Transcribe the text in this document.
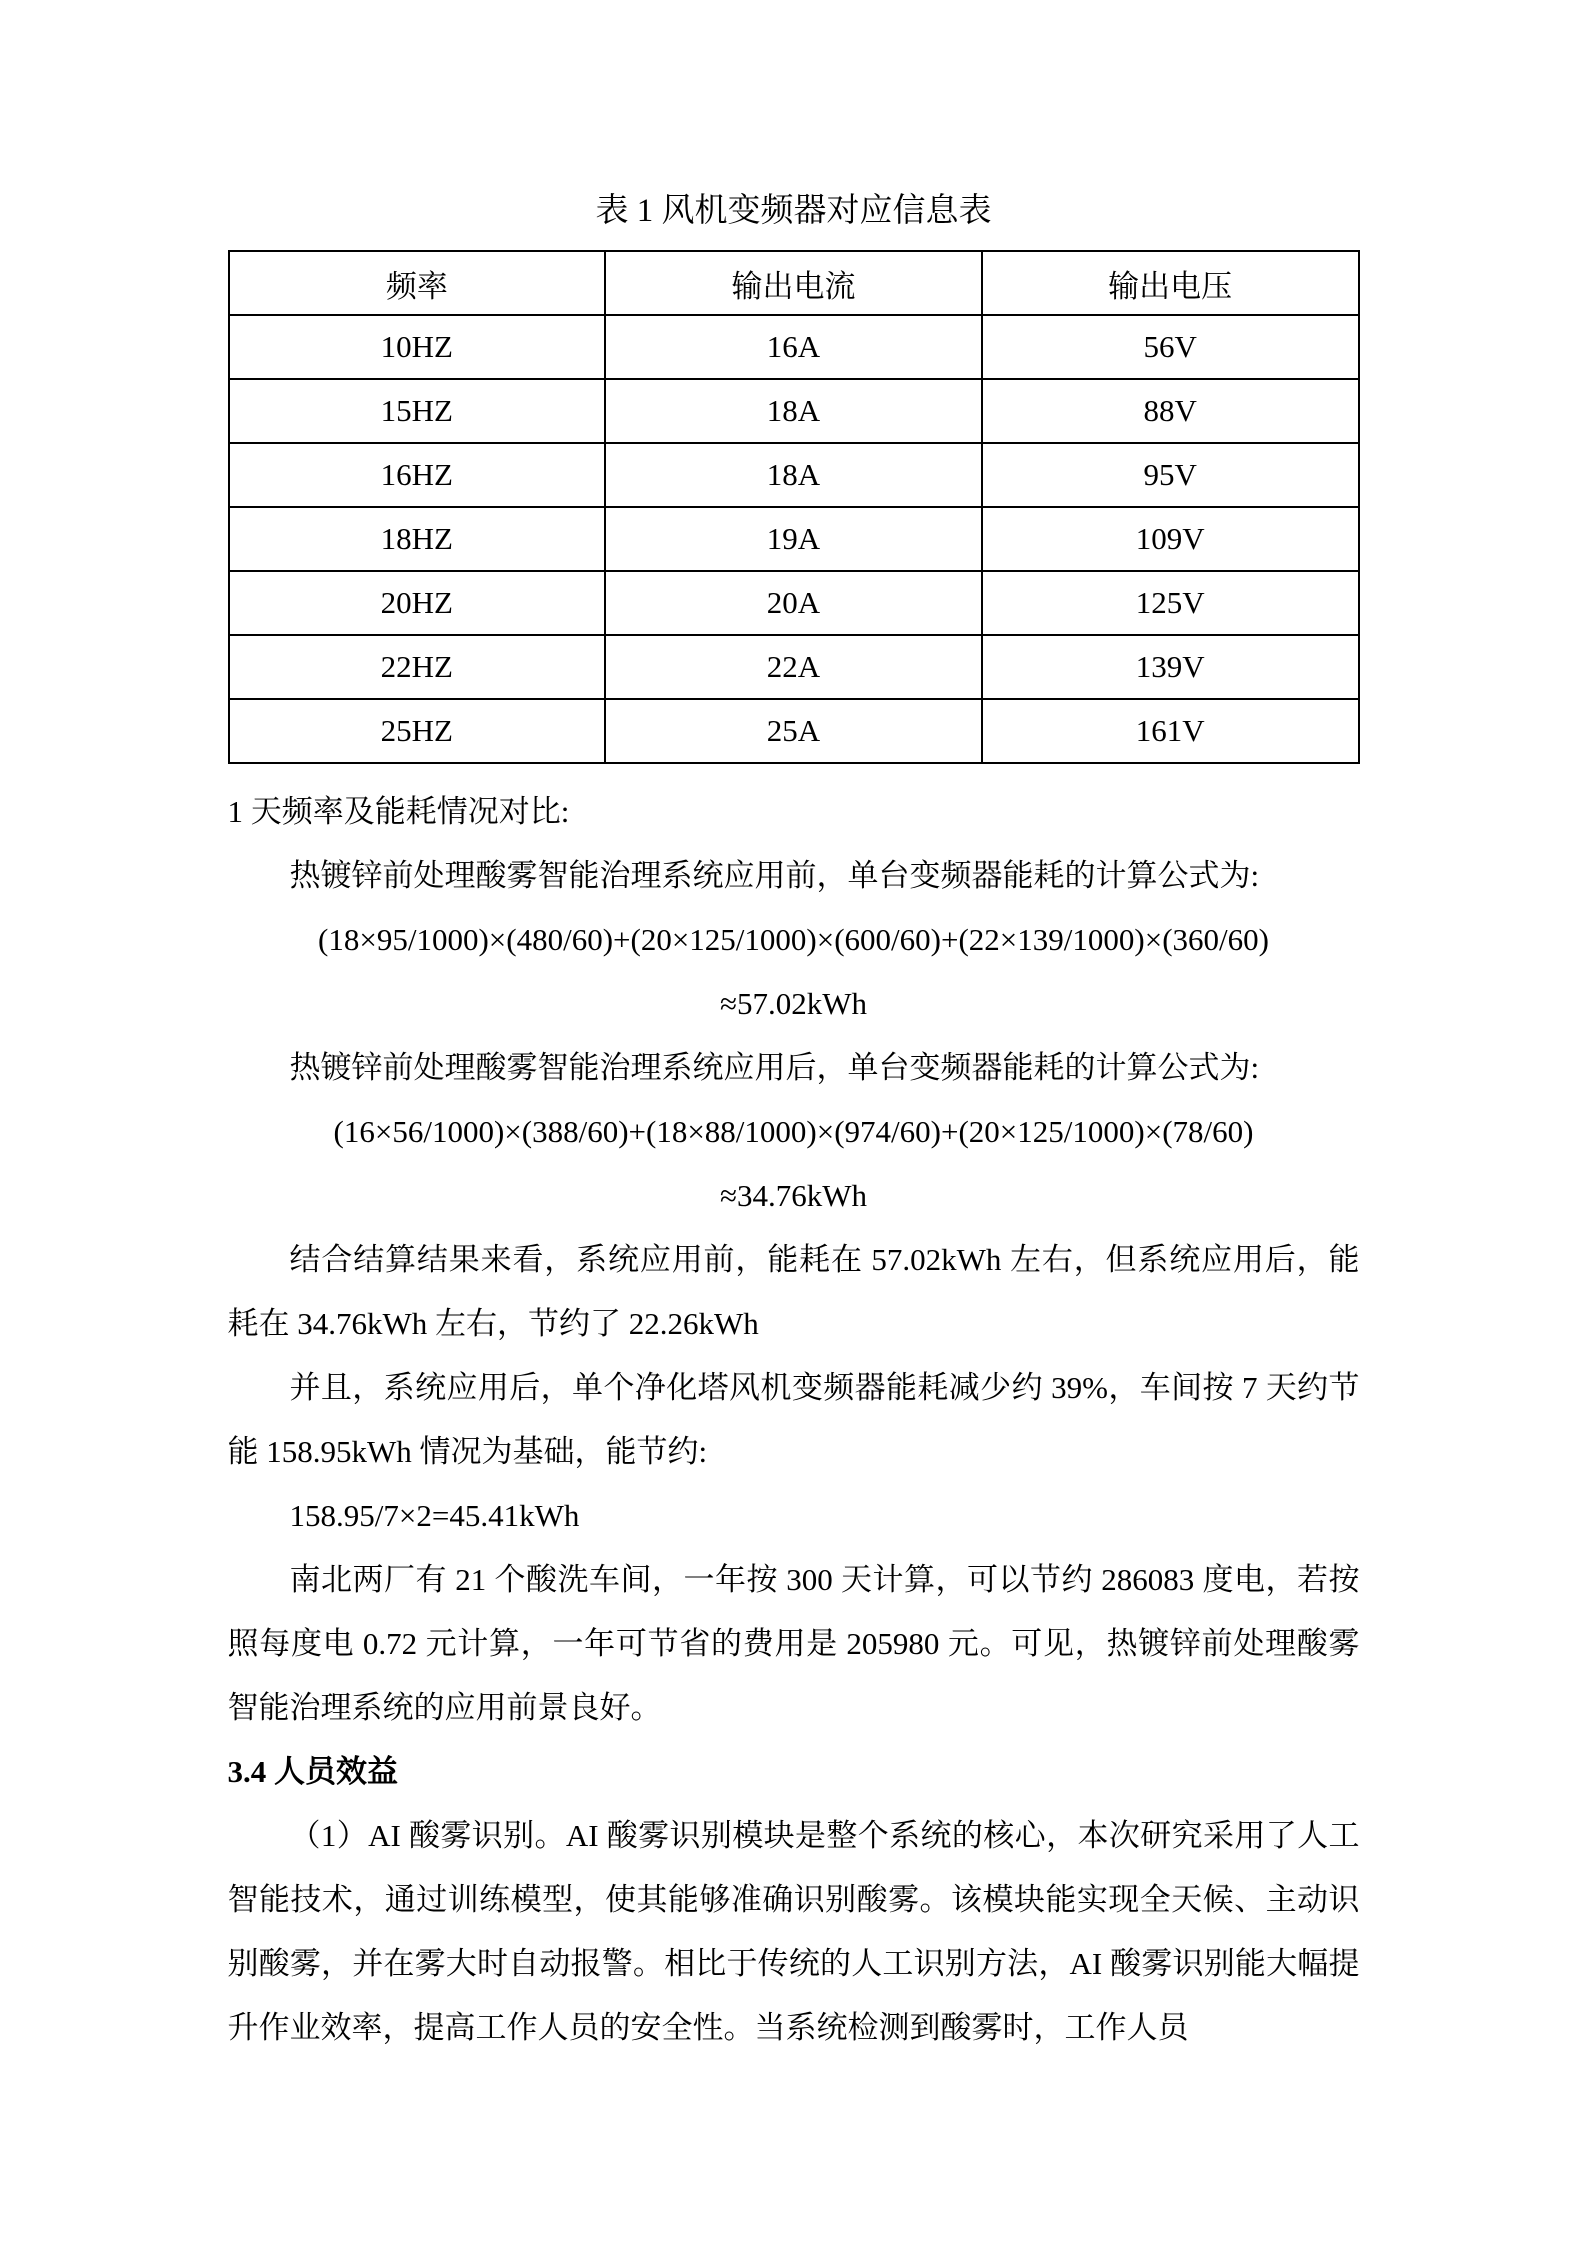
表 1 风机变频器对应信息表
频率	输出电流	输出电压
10HZ	16A	56V
15HZ	18A	88V
16HZ	18A	95V
18HZ	19A	109V
20HZ	20A	125V
22HZ	22A	139V
25HZ	25A	161V

1 天频率及能耗情况对比:

热镀锌前处理酸雾智能治理系统应用前，单台变频器能耗的计算公式为:

(18×95/1000)×(480/60)+(20×125/1000)×(600/60)+(22×139/1000)×(360/60)

≈57.02kWh

热镀锌前处理酸雾智能治理系统应用后，单台变频器能耗的计算公式为:

(16×56/1000)×(388/60)+(18×88/1000)×(974/60)+(20×125/1000)×(78/60)

≈34.76kWh

结合结算结果来看，系统应用前，能耗在 57.02kWh 左右，但系统应用后，能耗在 34.76kWh 左右，节约了 22.26kWh

并且，系统应用后，单个净化塔风机变频器能耗减少约 39%，车间按 7 天约节能 158.95kWh 情况为基础，能节约:

158.95/7×2=45.41kWh

南北两厂有 21 个酸洗车间，一年按 300 天计算，可以节约 286083 度电，若按照每度电 0.72 元计算，一年可节省的费用是 205980 元。可见，热镀锌前处理酸雾智能治理系统的应用前景良好。

3.4 人员效益

（1）AI 酸雾识别。AI 酸雾识别模块是整个系统的核心，本次研究采用了人工智能技术，通过训练模型，使其能够准确识别酸雾。该模块能实现全天候、主动识别酸雾，并在雾大时自动报警。相比于传统的人工识别方法，AI 酸雾识别能大幅提升作业效率，提高工作人员的安全性。当系统检测到酸雾时，工作人员
